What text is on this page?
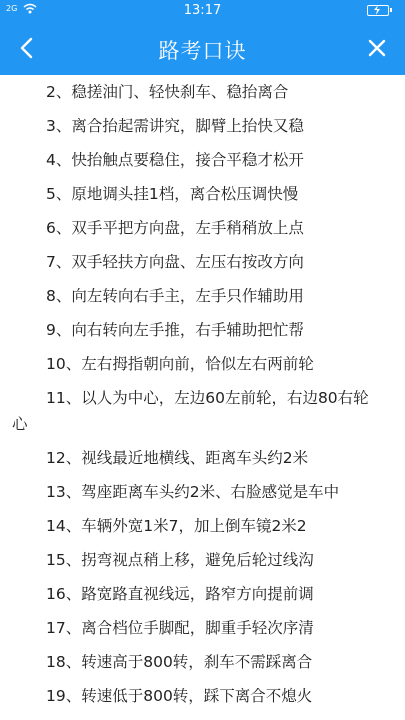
2G	13:17
路考口诀
2、稳搓油门、轻快刹车、稳抬离合
3、离合抬起需讲究，脚臂上抬快又稳
4、快抬触点要稳住，接合平稳才松开
5、原地调头挂1档，离合松压调快慢
6、双手平把方向盘，左手稍稍放上点
7、双手轻扶方向盘、左压右按改方向
8、向左转向右手主，左手只作辅助用
9、向右转向左手推，右手辅助把忙帮
10、左右拇指朝向前，恰似左右两前轮
11、以人为中心，左边60左前轮，右边80右轮
心
12、视线最近地横线、距离车头约2米
13、驾座距离车头约2米、右脸感觉是车中
14、车辆外宽1米7，加上倒车镜2米2
15、拐弯视点稍上移，避免后轮过线沟
16、路宽路直视线远，路窄方向提前调
17、离合档位手脚配，脚重手轻次序清
18、转速高于800转，刹车不需踩离合
19、转速低于800转，踩下离合不熄火
